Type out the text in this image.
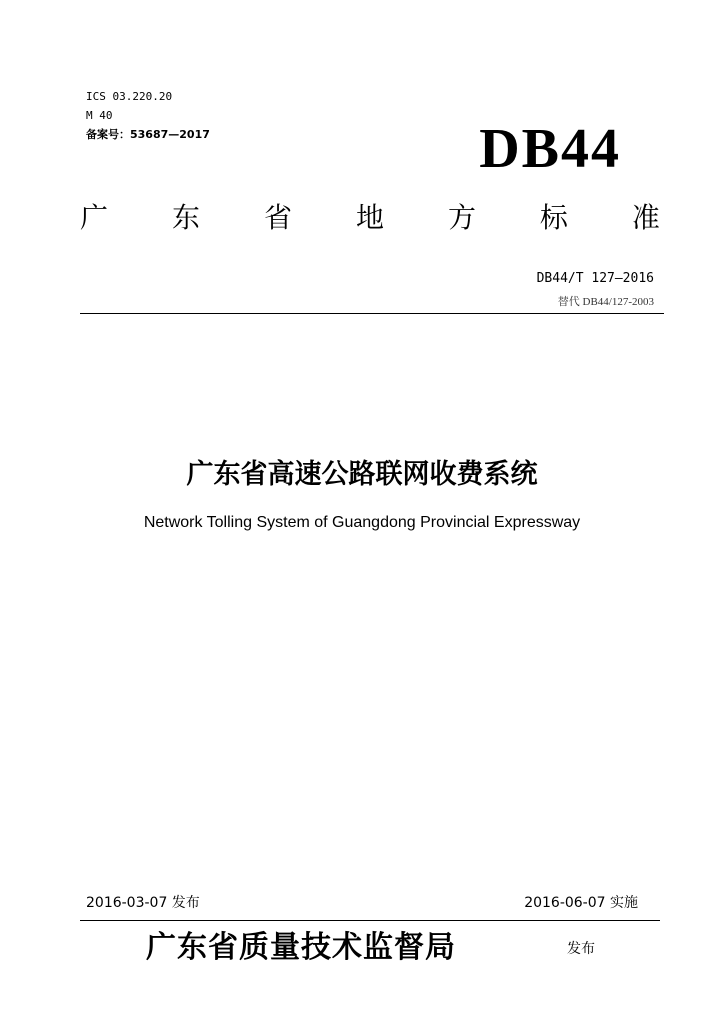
ICS 03.220.20
M 40
备案号：53687—2017	DB44
广 东 省 地 方 标 准
DB44/T 127—2016
替代 DB44/127-2003
广东省高速公路联网收费系统
Network Tolling System of Guangdong Provincial Expressway
2016-03-07 发布	2016-06-07 实施
广东省质量技术监督局	发布
